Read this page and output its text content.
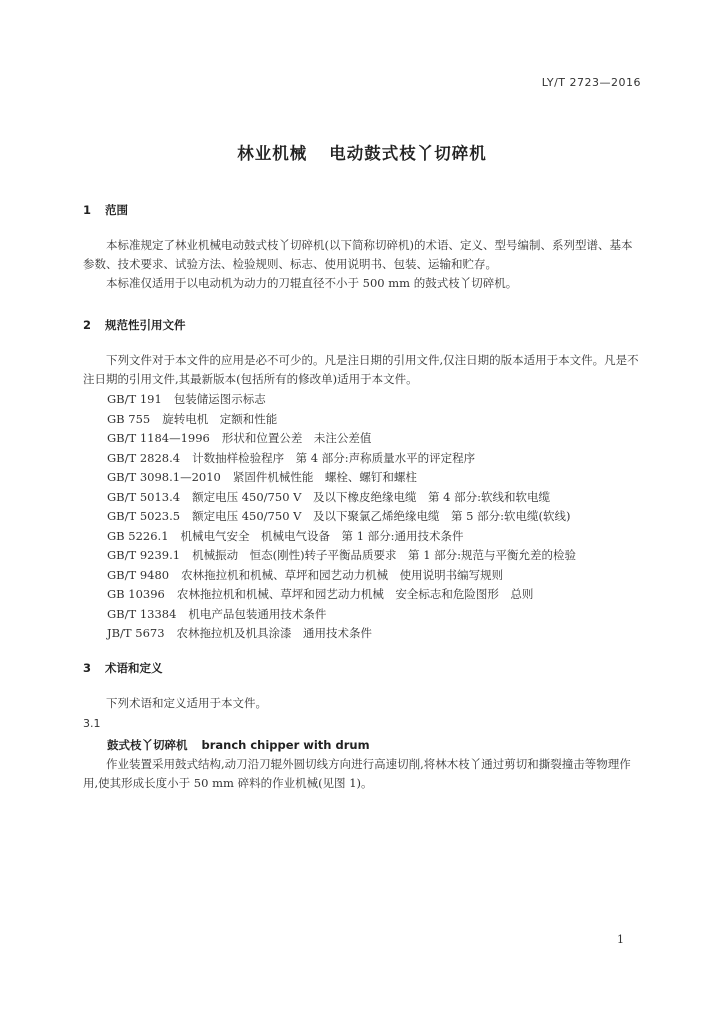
LY/T 2723—2016
林业机械 电动鼓式枝丫切碎机
1 范围
本标准规定了林业机械电动鼓式枝丫切碎机(以下简称切碎机)的术语、定义、型号编制、系列型谱、基本参数、技术要求、试验方法、检验规则、标志、使用说明书、包装、运输和贮存。
本标准仅适用于以电动机为动力的刀辊直径不小于 500 mm 的鼓式枝丫切碎机。
2 规范性引用文件
下列文件对于本文件的应用是必不可少的。凡是注日期的引用文件,仅注日期的版本适用于本文件。凡是不注日期的引用文件,其最新版本(包括所有的修改单)适用于本文件。
GB/T 191 包装储运图示标志
GB 755 旋转电机　定额和性能
GB/T 1184—1996 形状和位置公差　未注公差值
GB/T 2828.4 计数抽样检验程序　第 4 部分:声称质量水平的评定程序
GB/T 3098.1—2010 紧固件机械性能　螺栓、螺钉和螺柱
GB/T 5013.4 额定电压 450/750 V　及以下橡皮绝缘电缆　第 4 部分:软线和软电缆
GB/T 5023.5 额定电压 450/750 V　及以下聚氯乙烯绝缘电缆　第 5 部分:软电缆(软线)
GB 5226.1 机械电气安全　机械电气设备　第 1 部分:通用技术条件
GB/T 9239.1 机械振动　恒态(刚性)转子平衡品质要求　第 1 部分:规范与平衡允差的检验
GB/T 9480 农林拖拉机和机械、草坪和园艺动力机械　使用说明书编写规则
GB 10396 农林拖拉机和机械、草坪和园艺动力机械　安全标志和危险图形　总则
GB/T 13384 机电产品包装通用技术条件
JB/T 5673 农林拖拉机及机具涂漆　通用技术条件
3 术语和定义
下列术语和定义适用于本文件。
3.1
鼓式枝丫切碎机 branch chipper with drum
作业装置采用鼓式结构,动刀沿刀辊外圆切线方向进行高速切削,将林木枝丫通过剪切和撕裂撞击等物理作用,使其形成长度小于 50 mm 碎料的作业机械(见图 1)。
1
